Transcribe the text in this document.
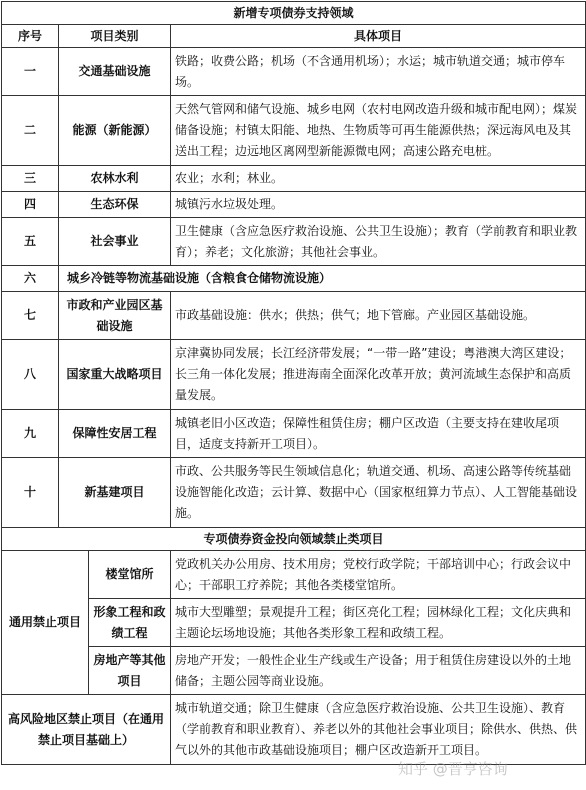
新增专项债券支持领域			
序号	项目类别		具体项目
一	交通基础设施		铁路；收费公路；机场（不含通用机场）；水运；城市轨道交通；城市停车场。
二	能源（新能源）		天然气管网和储气设施、城乡电网（农村电网改造升级和城市配电网）；煤炭储备设施；村镇太阳能、地热、生物质等可再生能源供热；深远海风电及其送出工程；边远地区离网型新能源微电网；高速公路充电桩。
三	农林水利		农业；水利；林业。
四	生态环保		城镇污水垃圾处理。
五	社会事业		卫生健康（含应急医疗救治设施、公共卫生设施）；教育（学前教育和职业教育）；养老；文化旅游；其他社会事业。
六	城乡冷链等物流基础设施（含粮食仓储物流设施）		
七	市政和产业园区基础设施		市政基础设施：供水；供热；供气；地下管廊。产业园区基础设施。
八	国家重大战略项目		京津冀协同发展；长江经济带发展；“一带一路”建设；粤港澳大湾区建设；长三角一体化发展；推进海南全面深化改革开放；黄河流域生态保护和高质量发展。
九	保障性安居工程		城镇老旧小区改造；保障性租赁住房；棚户区改造（主要支持在建收尾项目，适度支持新开工项目）。
十	新基建项目		市政、公共服务等民生领域信息化；轨道交通、机场、高速公路等传统基础设施智能化改造；云计算、数据中心（国家枢纽算力节点）、人工智能基础设施。
专项债券资金投向领域禁止类项目			
通用禁止项目		楼堂馆所	党政机关办公用房、技术用房；党校行政学院；干部培训中心；行政会议中心；干部职工疗养院；其他各类楼堂馆所。
		形象工程和政绩工程	城市大型雕塑；景观提升工程；街区亮化工程；园林绿化工程；文化庆典和主题论坛场地设施；其他各类形象工程和政绩工程。
		房地产等其他项目	房地产开发；一般性企业生产线或生产设备；用于租赁住房建设以外的土地储备；主题公园等商业设施。
高风险地区禁止项目（在通用禁止项目基础上）			城市轨道交通；除卫生健康（含应急医疗救治设施、公共卫生设施）、教育（学前教育和职业教育）、养老以外的其他社会事业项目；除供水、供热、供气以外的其他市政基础设施项目；棚户区改造新开工项目。
知乎 @晋亨咨询
